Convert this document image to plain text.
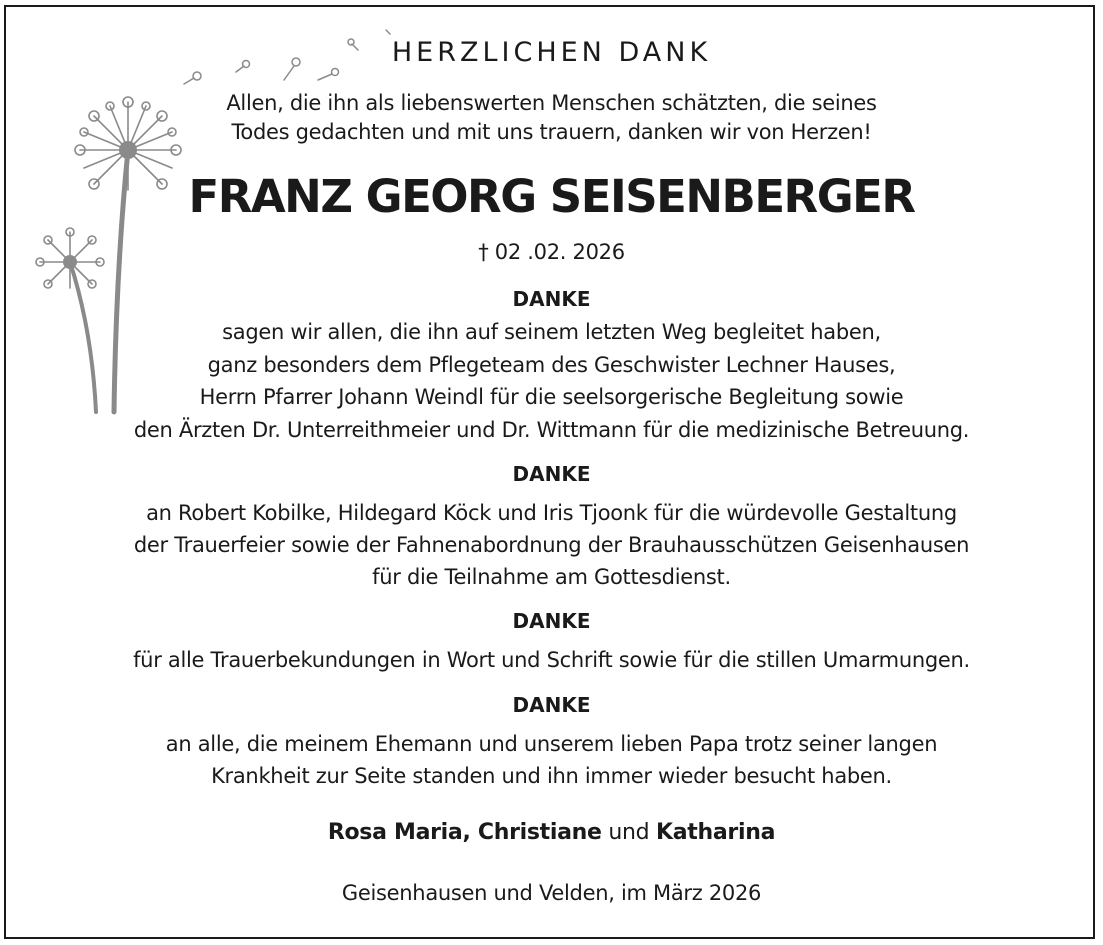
HERZLICHEN DANK
Allen, die ihn als liebenswerten Menschen schätzten, die seines
Todes gedachten und mit uns trauern, danken wir von Herzen!
FRANZ GEORG SEISENBERGER
† 02 .02. 2026
DANKE
sagen wir allen, die ihn auf seinem letzten Weg begleitet haben,
ganz besonders dem Pflegeteam des Geschwister Lechner Hauses,
Herrn Pfarrer Johann Weindl für die seelsorgerische Begleitung sowie
den Ärzten Dr. Unterreithmeier und Dr. Wittmann für die medizinische Betreuung.
DANKE
an Robert Kobilke, Hildegard Köck und Iris Tjoonk für die würdevolle Gestaltung
der Trauerfeier sowie der Fahnenabordnung der Brauhausschützen Geisenhausen
für die Teilnahme am Gottesdienst.
DANKE
für alle Trauerbekundungen in Wort und Schrift sowie für die stillen Umarmungen.
DANKE
an alle, die meinem Ehemann und unserem lieben Papa trotz seiner langen
Krankheit zur Seite standen und ihn immer wieder besucht haben.
Rosa Maria, Christiane und Katharina
Geisenhausen und Velden, im März 2026
